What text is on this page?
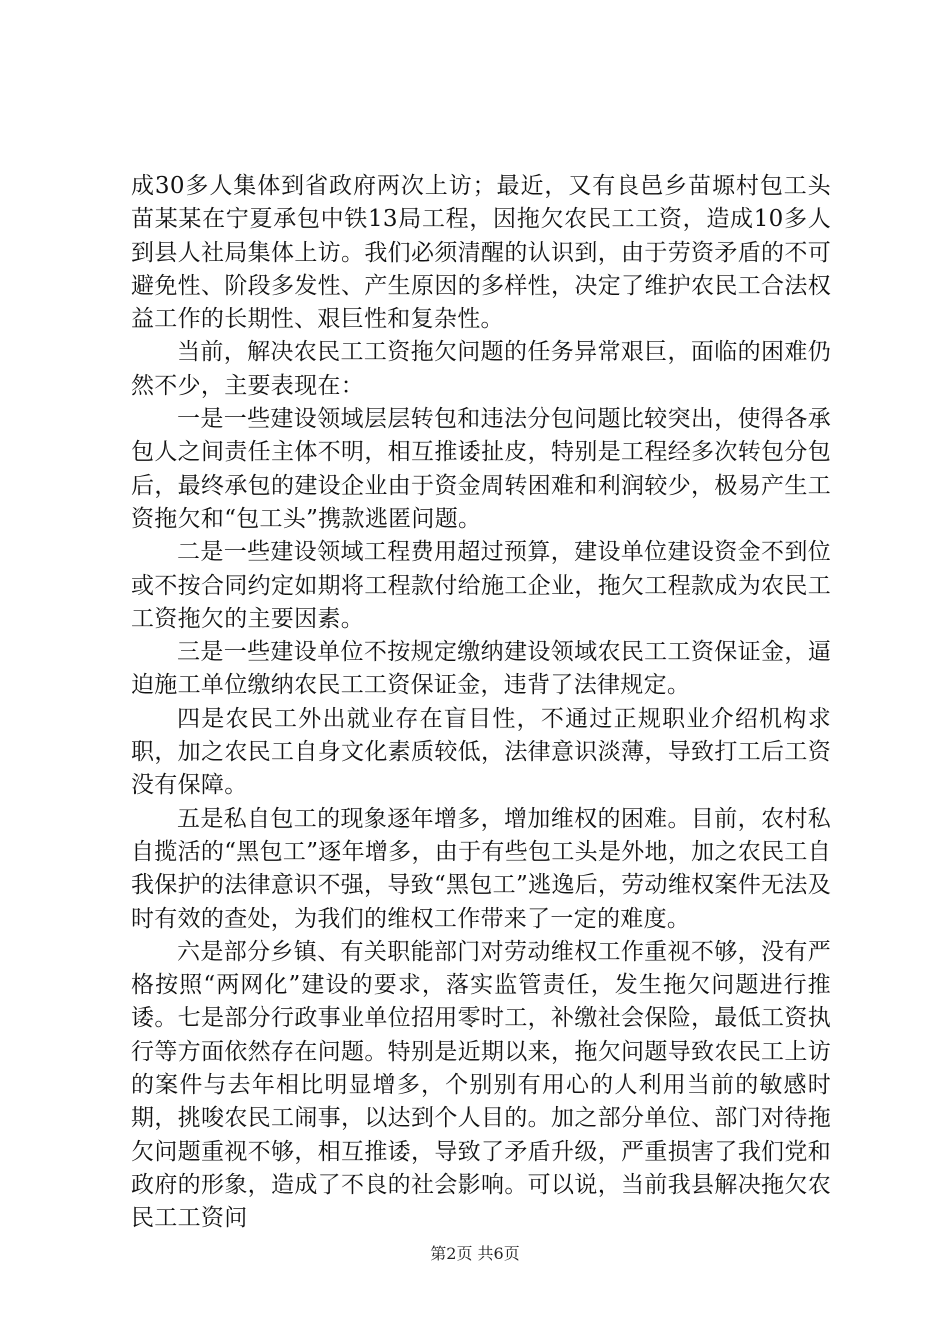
成30多人集体到省政府两次上访；最近，又有良邑乡苗塬村包工头苗某某在宁夏承包中铁13局工程，因拖欠农民工工资，造成10多人到县人社局集体上访。我们必须清醒的认识到，由于劳资矛盾的不可避免性、阶段多发性、产生原因的多样性，决定了维护农民工合法权益工作的长期性、艰巨性和复杂性。

当前，解决农民工工资拖欠问题的任务异常艰巨，面临的困难仍然不少，主要表现在：

一是一些建设领域层层转包和违法分包问题比较突出，使得各承包人之间责任主体不明，相互推诿扯皮，特别是工程经多次转包分包后，最终承包的建设企业由于资金周转困难和利润较少，极易产生工资拖欠和“包工头”携款逃匿问题。

二是一些建设领域工程费用超过预算，建设单位建设资金不到位或不按合同约定如期将工程款付给施工企业，拖欠工程款成为农民工工资拖欠的主要因素。

三是一些建设单位不按规定缴纳建设领域农民工工资保证金，逼迫施工单位缴纳农民工工资保证金，违背了法律规定。

四是农民工外出就业存在盲目性，不通过正规职业介绍机构求职，加之农民工自身文化素质较低，法律意识淡薄，导致打工后工资没有保障。

五是私自包工的现象逐年增多，增加维权的困难。目前，农村私自揽活的“黑包工”逐年增多，由于有些包工头是外地，加之农民工自我保护的法律意识不强，导致“黑包工”逃逸后，劳动维权案件无法及时有效的查处，为我们的维权工作带来了一定的难度。

六是部分乡镇、有关职能部门对劳动维权工作重视不够，没有严格按照“两网化”建设的要求，落实监管责任，发生拖欠问题进行推诿。七是部分行政事业单位招用零时工，补缴社会保险，最低工资执行等方面依然存在问题。特别是近期以来，拖欠问题导致农民工上访的案件与去年相比明显增多，个别别有用心的人利用当前的敏感时期，挑唆农民工闹事，以达到个人目的。加之部分单位、部门对待拖欠问题重视不够，相互推诿，导致了矛盾升级，严重损害了我们党和政府的形象，造成了不良的社会影响。可以说，当前我县解决拖欠农民工工资问

第2页 共6页
